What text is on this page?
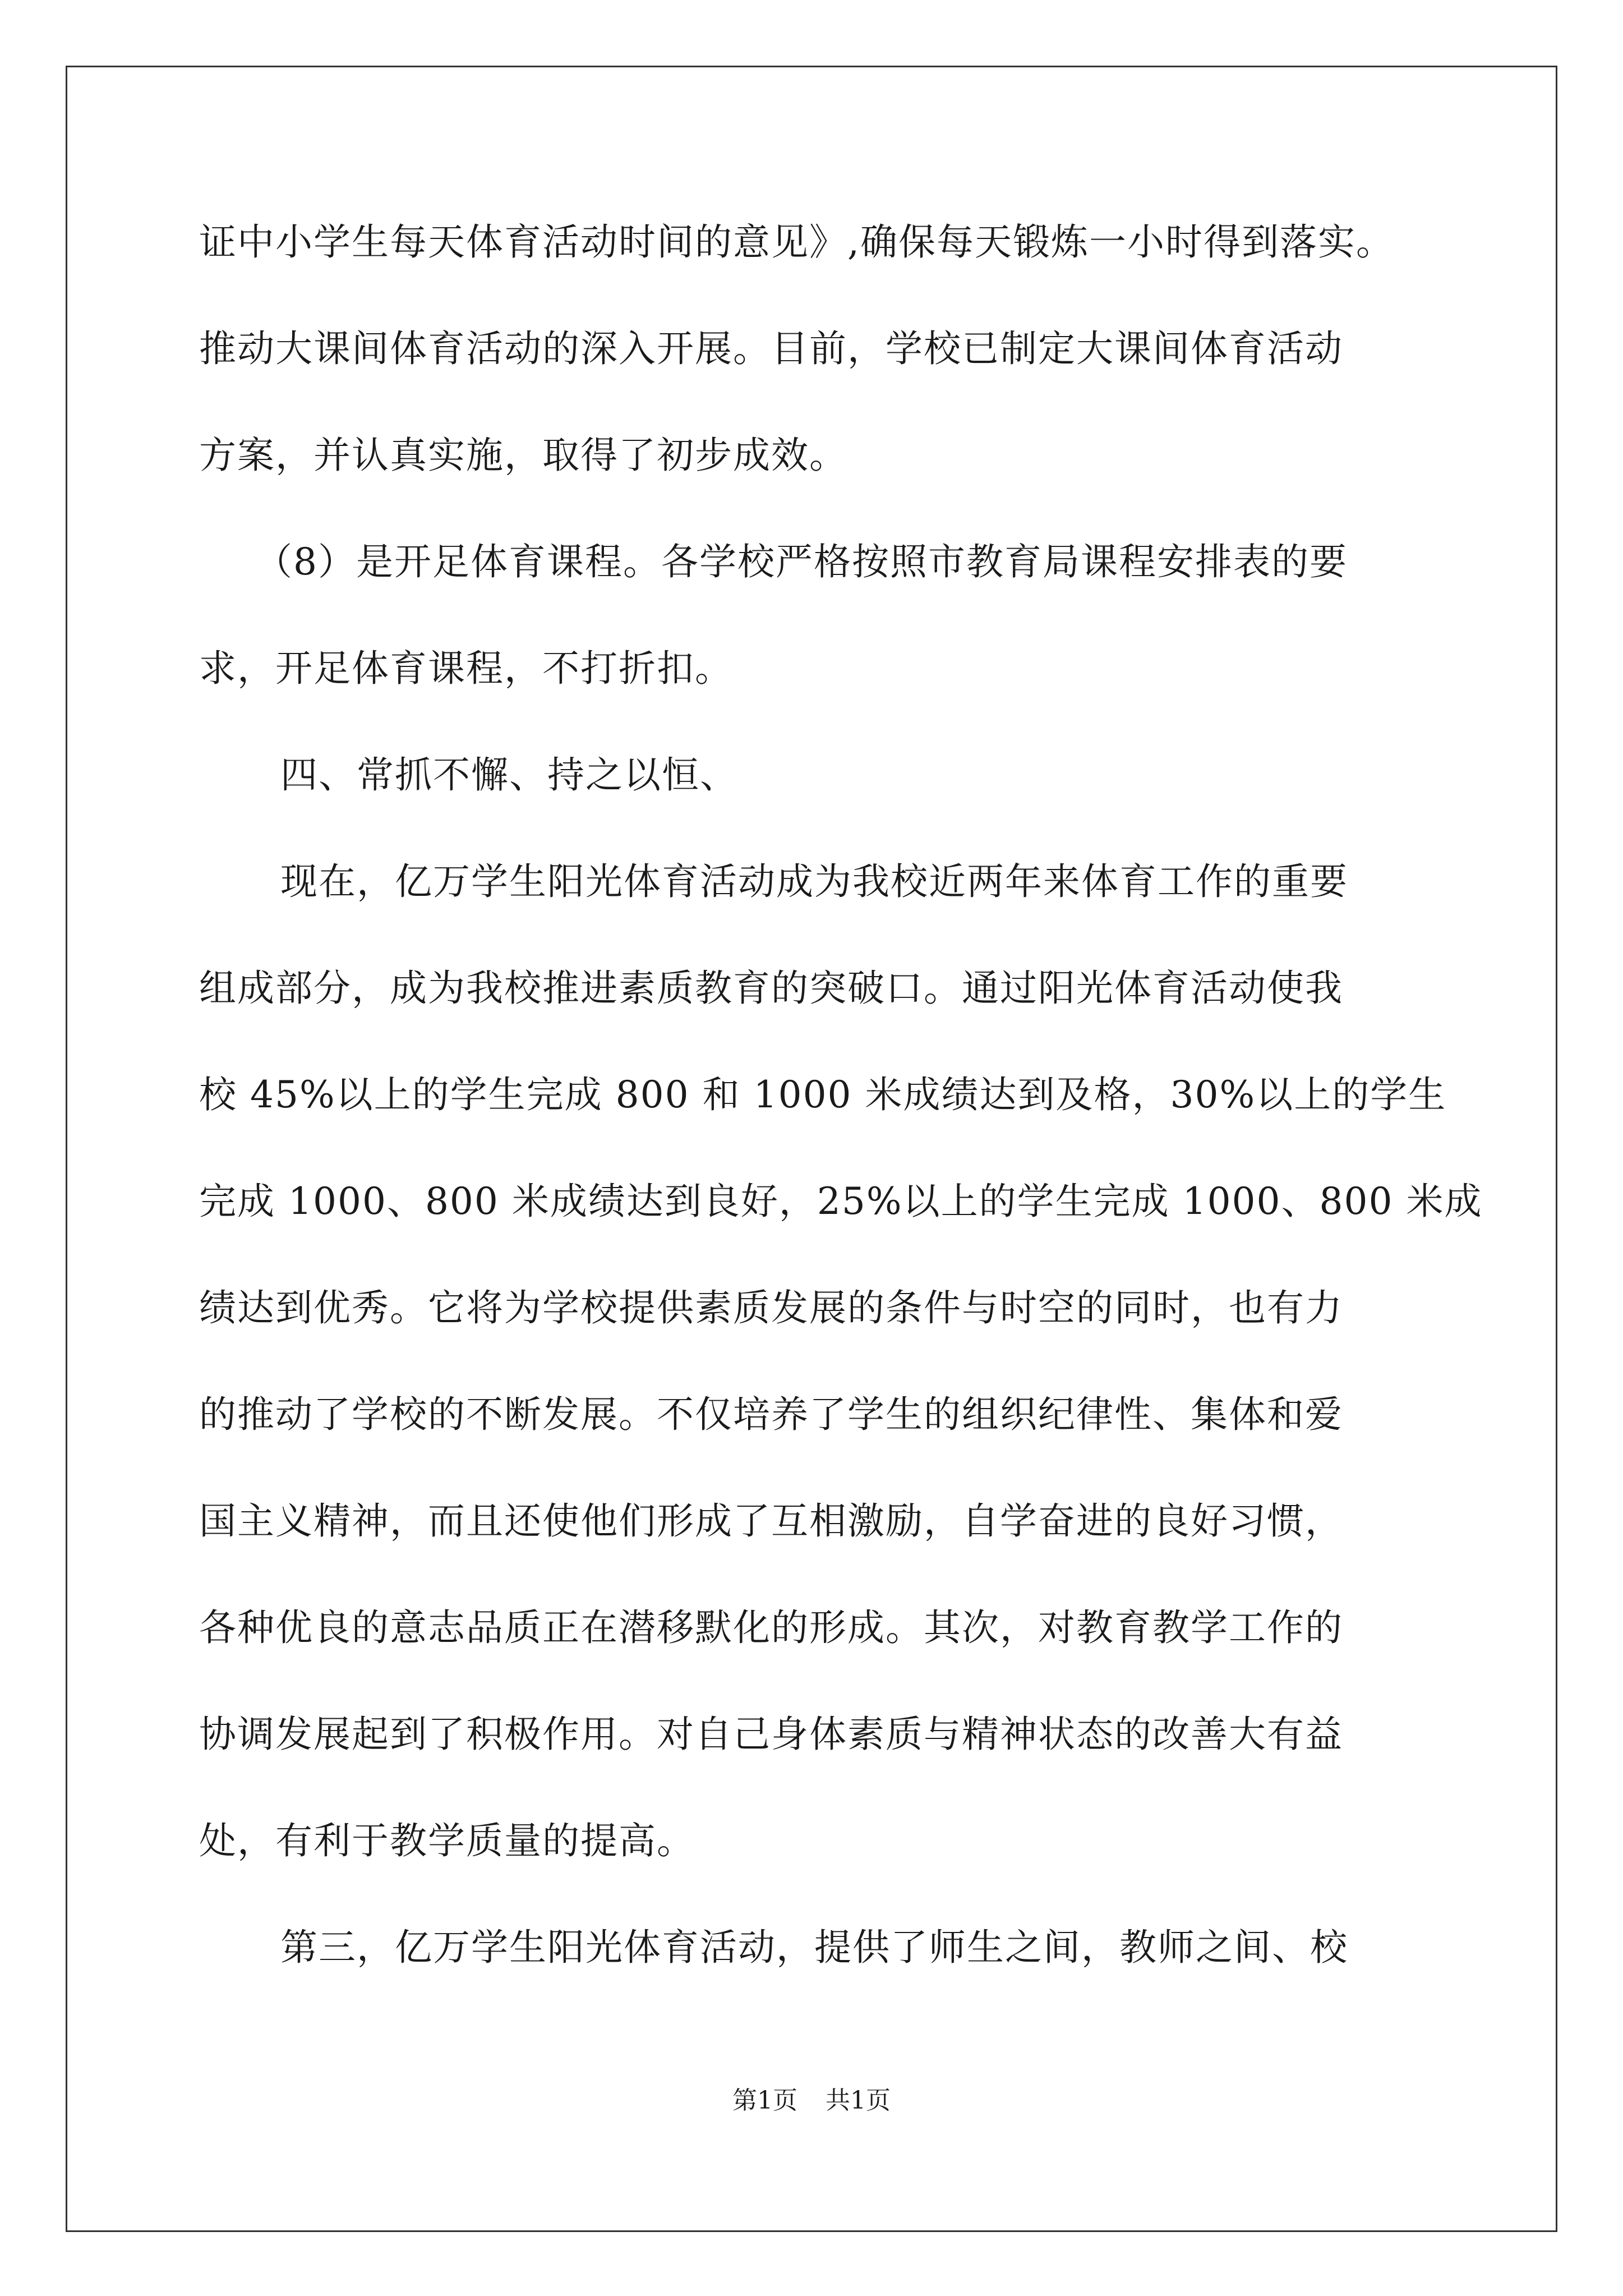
证中小学生每天体育活动时间的意见》,确保每天锻炼一小时得到落实。
推动大课间体育活动的深入开展。目前，学校已制定大课间体育活动
方案，并认真实施，取得了初步成效。
（8）是开足体育课程。各学校严格按照市教育局课程安排表的要
求，开足体育课程，不打折扣。
四、常抓不懈、持之以恒、
现在，亿万学生阳光体育活动成为我校近两年来体育工作的重要
组成部分，成为我校推进素质教育的突破口。通过阳光体育活动使我
校 45%以上的学生完成 800 和 1000 米成绩达到及格，30%以上的学生
完成 1000、800 米成绩达到良好，25%以上的学生完成 1000、800 米成
绩达到优秀。它将为学校提供素质发展的条件与时空的同时，也有力
的推动了学校的不断发展。不仅培养了学生的组织纪律性、集体和爱
国主义精神，而且还使他们形成了互相激励，自学奋进的良好习惯，
各种优良的意志品质正在潜移默化的形成。其次，对教育教学工作的
协调发展起到了积极作用。对自己身体素质与精神状态的改善大有益
处，有利于教学质量的提高。
第三，亿万学生阳光体育活动，提供了师生之间，教师之间、校
第1页 共1页
